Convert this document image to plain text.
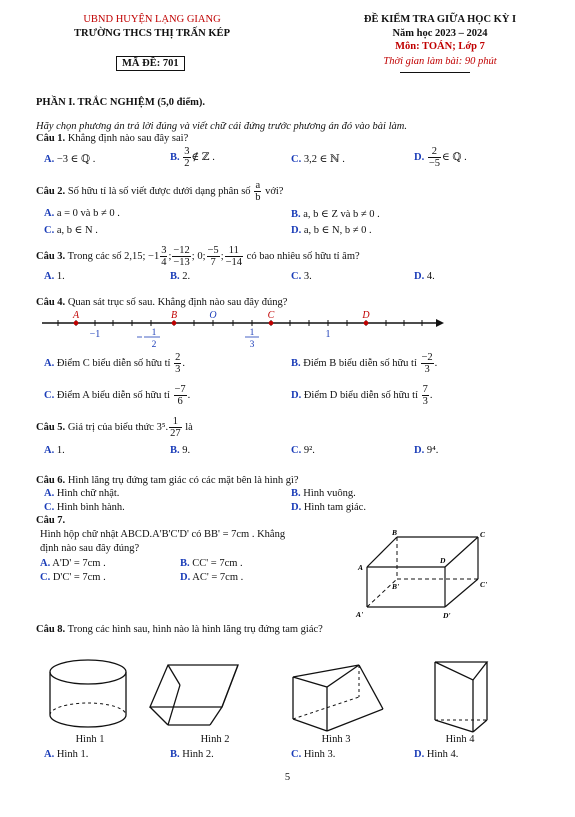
UBND HUYỆN LẠNG GIANG
TRƯỜNG THCS THỊ TRẤN KÉP
MÃ ĐỀ: 701
ĐỀ KIỂM TRA GIỮA HỌC KỲ I
Năm học 2023 – 2024
Môn: TOÁN; Lớp 7
Thời gian làm bài: 90 phút
PHẦN I. TRẮC NGHIỆM (5,0 điểm).
Hãy chọn phương án trả lời đúng và viết chữ cái đứng trước phương án đó vào bài làm.
Câu 1. Khẳng định nào sau đây sai?
A. −3 ∈ ℚ .	B. $\frac{3}{2}$ ∉ ℤ .	C. 3,2 ∈ ℕ .	D. $\frac{2}{-5}$ ∈ ℚ .
Câu 2. Số hữu tỉ là số viết được dưới dạng phân số $\frac{a}{b}$ với?
A. a = 0 và b ≠ 0 .	B. a, b ∈ Z và b ≠ 0 .
C. a, b ∈ N .	D. a, b ∈ N, b ≠ 0 .
Câu 3. Trong các số 2,15; $-1 \frac{3}{4}$ ; $\frac{-12}{-13}$ ; 0; $\frac{-5}{7}$ ; $\frac{11}{-14}$ có bao nhiêu số hữu tỉ âm?
A. 1.	B. 2.	C. 3.	D. 4.
Câu 4. Quan sát trục số sau. Khẳng định nào sau đây đúng?
A	B	O	C	D
−1	1
2
1
3
1
A. Điểm C biểu diễn số hữu tỉ $\frac{2}{3}$ .	B. Điểm B biểu diễn số hữu tỉ $\frac{-2}{3}$ .
C. Điểm A biểu diễn số hữu tỉ $\frac{-7}{6}$ .	D. Điểm D biểu diễn số hữu tỉ $\frac{7}{3}$ .
Câu 5. Giá trị của biểu thức 3⁵. $\frac{1}{27}$ là
A. 1.	B. 9.	C. 9².	D. 9⁴.
Câu 6. Hình lăng trụ đứng tam giác có các mặt bên là hình gì?
A. Hình chữ nhật.	B. Hình vuông.
C. Hình bình hành.	D. Hình tam giác.
Câu 7.
Hình hộp chữ nhật ABCD.A'B'C'D' có BB' = 7cm . Khẳng
định nào sau đây đúng?
A. A'D' = 7cm .	B. CC' = 7cm .
C. D'C' = 7cm .	D. AC' = 7cm .
A
B	C
D
A'
B'	C'
D'
Câu 8. Trong các hình sau, hình nào là hình lăng trụ đứng tam giác?
Hình 1	Hình 2	Hình 3	Hình 4
A. Hình 1.	B. Hình 2.	C. Hình 3.	D. Hình 4.
5
